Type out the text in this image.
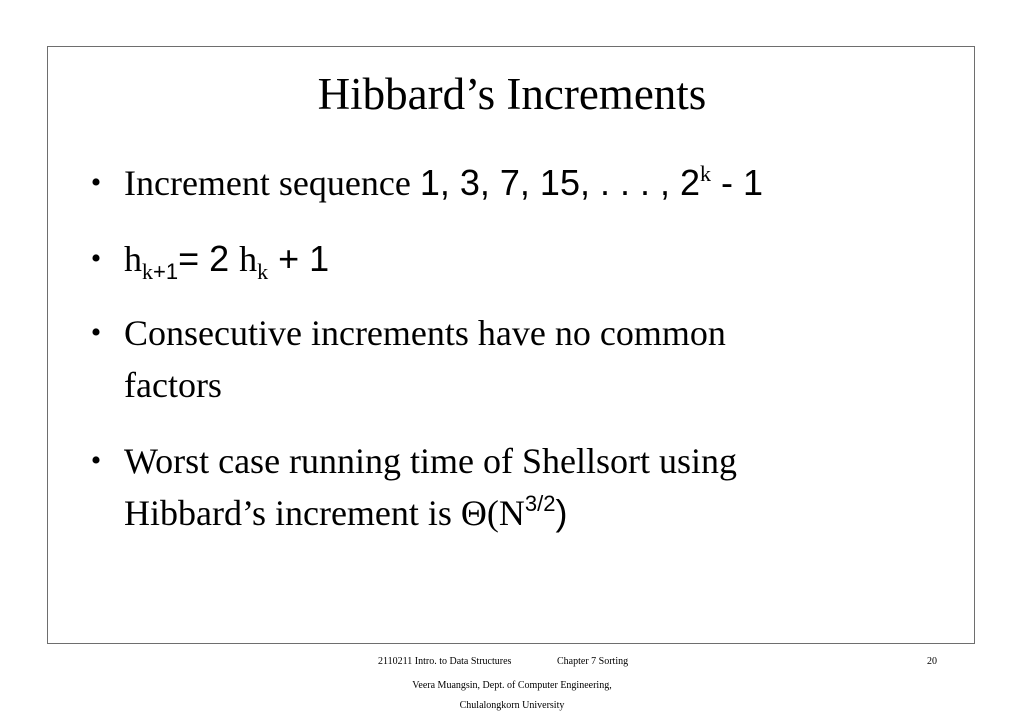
Hibbard’s Increments
• Increment sequence 1, 3, 7, 15, . . . , 2$^k$ - 1
• $h_{k+1}= 2$ $h_k + 1$
• Consecutive increments have no common
factors
• Worst case running time of Shellsort using
Hibbard’s increment is $\Theta(N^{3/2})$
2110211 Intro. to Data Structures	Chapter 7 Sorting	20
Veera Muangsin, Dept. of Computer Engineering,
Chulalongkorn University
